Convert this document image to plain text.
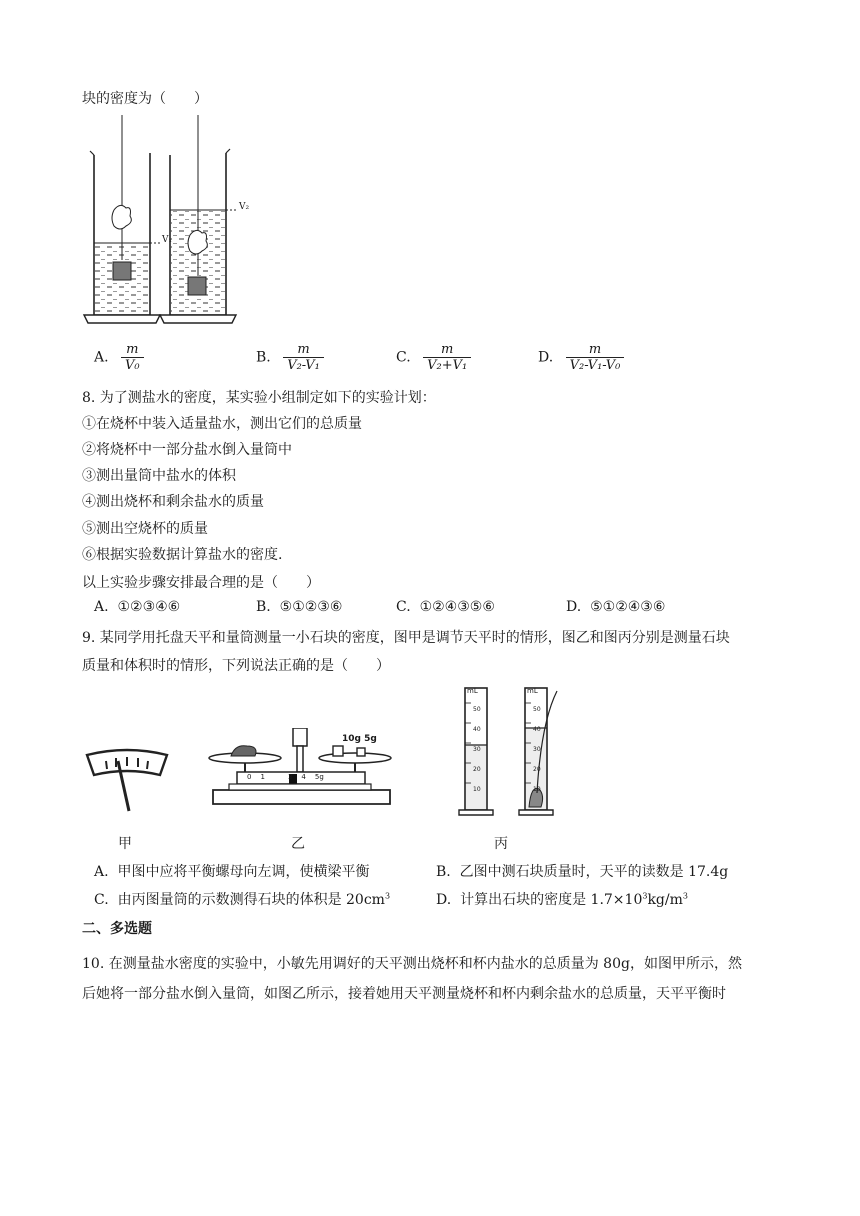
块的密度为（　　）
V₁
V₂
A. $\frac{m}{\text{V₀}}$	B. $\frac{m}{\text{V₂-V₁}}$	C. $\frac{m}{\text{V₂+V₁}}$	D. $\frac{m}{\text{V₂-V₁-V₀}}$
8. 为了测盐水的密度，某实验小组制定如下的实验计划：
①在烧杯中装入适量盐水，测出它们的总质量
②将烧杯中一部分盐水倒入量筒中
③测出量筒中盐水的体积
④测出烧杯和剩余盐水的质量
⑤测出空烧杯的质量
⑥根据实验数据计算盐水的密度.
以上实验步骤安排最合理的是（　　）
A. ①②③④⑥	B. ⑤①②③⑥	C. ①②④③⑤⑥	D. ⑤①②④③⑥
9. 某同学用托盘天平和量筒测量一小石块的密度，图甲是调节天平时的情形，图乙和图丙分别是测量石块
质量和体积时的情形，下列说法正确的是（　　）
10g 5g
0 1	3 4 5g
mL	mL
50
40
30
20
10
50
40
30
20
10
甲	乙	丙
A. 甲图中应将平衡螺母向左调，使横梁平衡	B. 乙图中测石块质量时，天平的读数是 17.4g
C. 由丙图量筒的示数测得石块的体积是 $20cm^3$	D. 计算出石块的密度是 $1.7\times 10^3kg/m^3$
二、多选题
10. 在测量盐水密度的实验中，小敏先用调好的天平测出烧杯和杯内盐水的总质量为 80g，如图甲所示，然
后她将一部分盐水倒入量筒，如图乙所示，接着她用天平测量烧杯和杯内剩余盐水的总质量，天平平衡时
